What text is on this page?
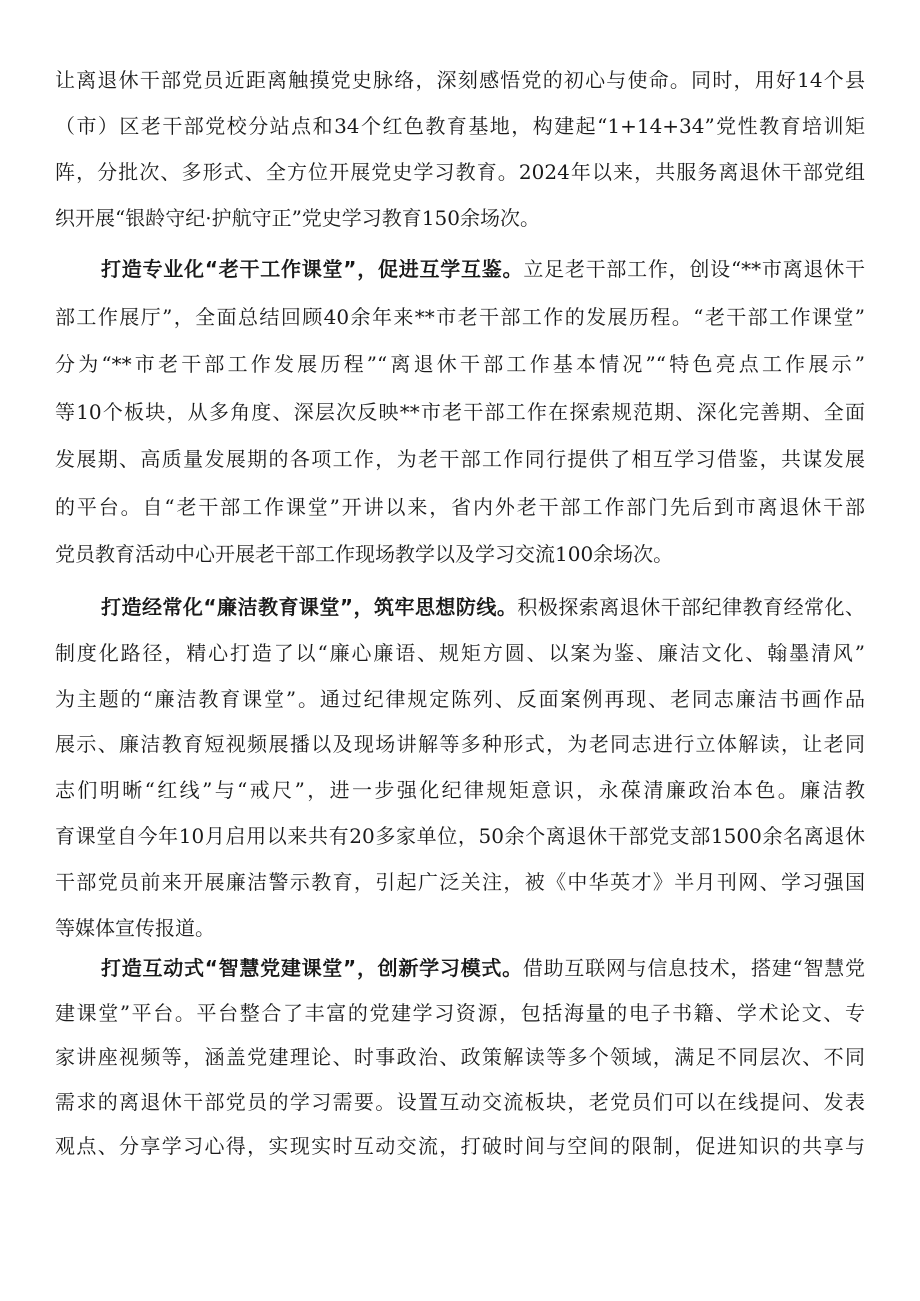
让离退休干部党员近距离触摸党史脉络，深刻感悟党的初心与使命。同时，用好14个县
（市）区老干部党校分站点和34个红色教育基地，构建起“1+14+34”党性教育培训矩
阵，分批次、多形式、全方位开展党史学习教育。2024年以来，共服务离退休干部党组
织开展“银龄守纪·护航守正”党史学习教育150余场次。
打造专业化“老干工作课堂”，促进互学互鉴。立足老干部工作，创设“**市离退休干
部工作展厅”，全面总结回顾40余年来**市老干部工作的发展历程。“老干部工作课堂”
分为“**市老干部工作发展历程”“离退休干部工作基本情况”“特色亮点工作展示”
等10个板块，从多角度、深层次反映**市老干部工作在探索规范期、深化完善期、全面
发展期、高质量发展期的各项工作，为老干部工作同行提供了相互学习借鉴，共谋发展
的平台。自“老干部工作课堂”开讲以来，省内外老干部工作部门先后到市离退休干部
党员教育活动中心开展老干部工作现场教学以及学习交流100余场次。
打造经常化“廉洁教育课堂”，筑牢思想防线。积极探索离退休干部纪律教育经常化、
制度化路径，精心打造了以“廉心廉语、规矩方圆、以案为鉴、廉洁文化、翰墨清风”
为主题的“廉洁教育课堂”。通过纪律规定陈列、反面案例再现、老同志廉洁书画作品
展示、廉洁教育短视频展播以及现场讲解等多种形式，为老同志进行立体解读，让老同
志们明晰“红线”与“戒尺”，进一步强化纪律规矩意识，永葆清廉政治本色。廉洁教
育课堂自今年10月启用以来共有20多家单位，50余个离退休干部党支部1500余名离退休
干部党员前来开展廉洁警示教育，引起广泛关注，被《中华英才》半月刊网、学习强国
等媒体宣传报道。
打造互动式“智慧党建课堂”，创新学习模式。借助互联网与信息技术，搭建“智慧党
建课堂”平台。平台整合了丰富的党建学习资源，包括海量的电子书籍、学术论文、专
家讲座视频等，涵盖党建理论、时事政治、政策解读等多个领域，满足不同层次、不同
需求的离退休干部党员的学习需要。设置互动交流板块，老党员们可以在线提问、发表
观点、分享学习心得，实现实时互动交流，打破时间与空间的限制，促进知识的共享与
